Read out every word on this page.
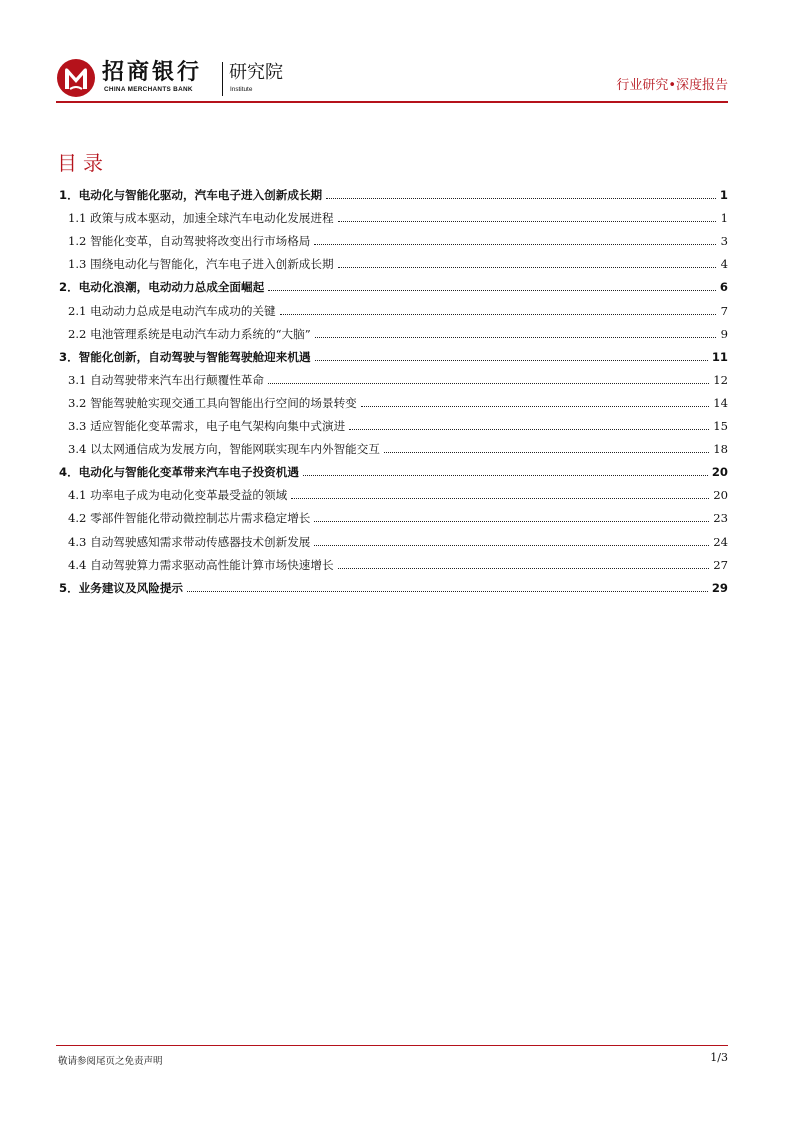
招商银行
CHINA MERCHANTS BANK
研究院
Institute	行业研究•深度报告
目录
1．电动化与智能化驱动，汽车电子进入创新成长期	1
1.1 政策与成本驱动，加速全球汽车电动化发展进程	1
1.2 智能化变革，自动驾驶将改变出行市场格局	3
1.3 围绕电动化与智能化，汽车电子进入创新成长期	4
2．电动化浪潮，电动动力总成全面崛起	6
2.1 电动动力总成是电动汽车成功的关键	7
2.2 电池管理系统是电动汽车动力系统的“大脑”	9
3．智能化创新，自动驾驶与智能驾驶舱迎来机遇	11
3.1 自动驾驶带来汽车出行颠覆性革命	12
3.2 智能驾驶舱实现交通工具向智能出行空间的场景转变	14
3.3 适应智能化变革需求，电子电气架构向集中式演进	15
3.4 以太网通信成为发展方向，智能网联实现车内外智能交互	18
4．电动化与智能化变革带来汽车电子投资机遇	20
4.1 功率电子成为电动化变革最受益的领域	20
4.2 零部件智能化带动微控制芯片需求稳定增长	23
4.3 自动驾驶感知需求带动传感器技术创新发展	24
4.4 自动驾驶算力需求驱动高性能计算市场快速增长	27
5．业务建议及风险提示	29
敬请参阅尾页之免责声明	1/3
